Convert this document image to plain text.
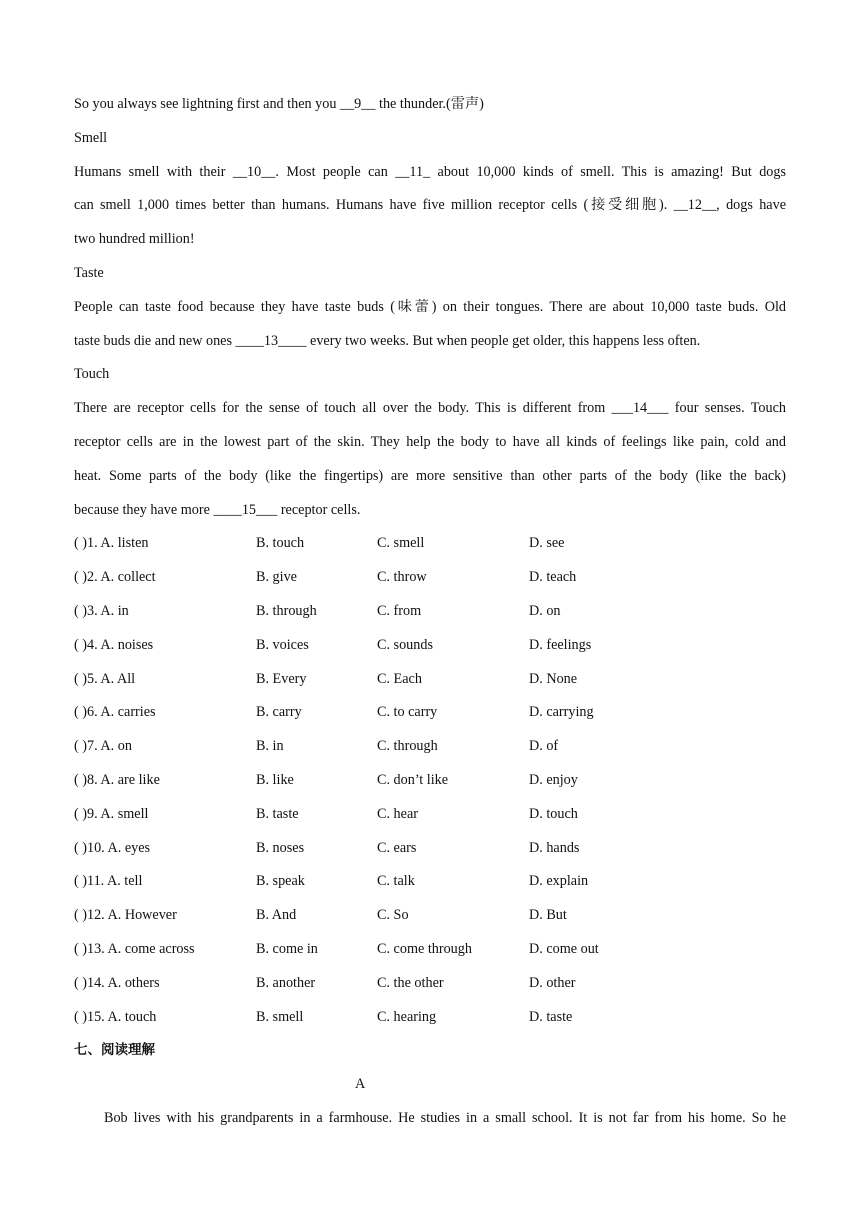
So you always see lightning first and then you __9__ the thunder.(雷声)
Smell
Humans smell with their __10__. Most people can __11_ about 10,000 kinds of smell. This is amazing! But dogs
can smell 1,000 times better than humans. Humans have five million receptor cells (接受细胞). __12__, dogs have
two hundred million!
Taste
People can taste food because they have taste buds (味蕾) on their tongues. There are about 10,000 taste buds. Old
taste buds die and new ones ____13____ every two weeks. But when people get older, this happens less often.
Touch
There are receptor cells for the sense of touch all over the body. This is different from ___14___ four senses. Touch
receptor cells are in the lowest part of the skin. They help the body to have all kinds of feelings like pain, cold and
heat. Some parts of the body (like the fingertips) are more sensitive than other parts of the body (like the back)
because they have more ____15___ receptor cells.
( )1. A. listen	B. touch	C. smell	D. see
( )2. A. collect	B. give	C. throw	D. teach
( )3. A. in	B. through	C. from	D. on
( )4. A. noises	B. voices	C. sounds	D. feelings
( )5. A. All	B. Every	C. Each	D. None
( )6. A. carries	B. carry	C. to carry	D. carrying
( )7. A. on	B. in	C. through	D. of
( )8. A. are like	B. like	C. don’t like	D. enjoy
( )9. A. smell	B. taste	C. hear	D. touch
( )10. A. eyes	B. noses	C. ears	D. hands
( )11. A. tell	B. speak	C. talk	D. explain
( )12. A. However	B. And	C. So	D. But
( )13. A. come across	B. come in	C. come through	D. come out
( )14. A. others	B. another	C. the other	D. other
( )15. A. touch	B. smell	C. hearing	D. taste
七、阅读理解
A
Bob lives with his grandparents in a farmhouse. He studies in a small school. It is not far from his home. So he
